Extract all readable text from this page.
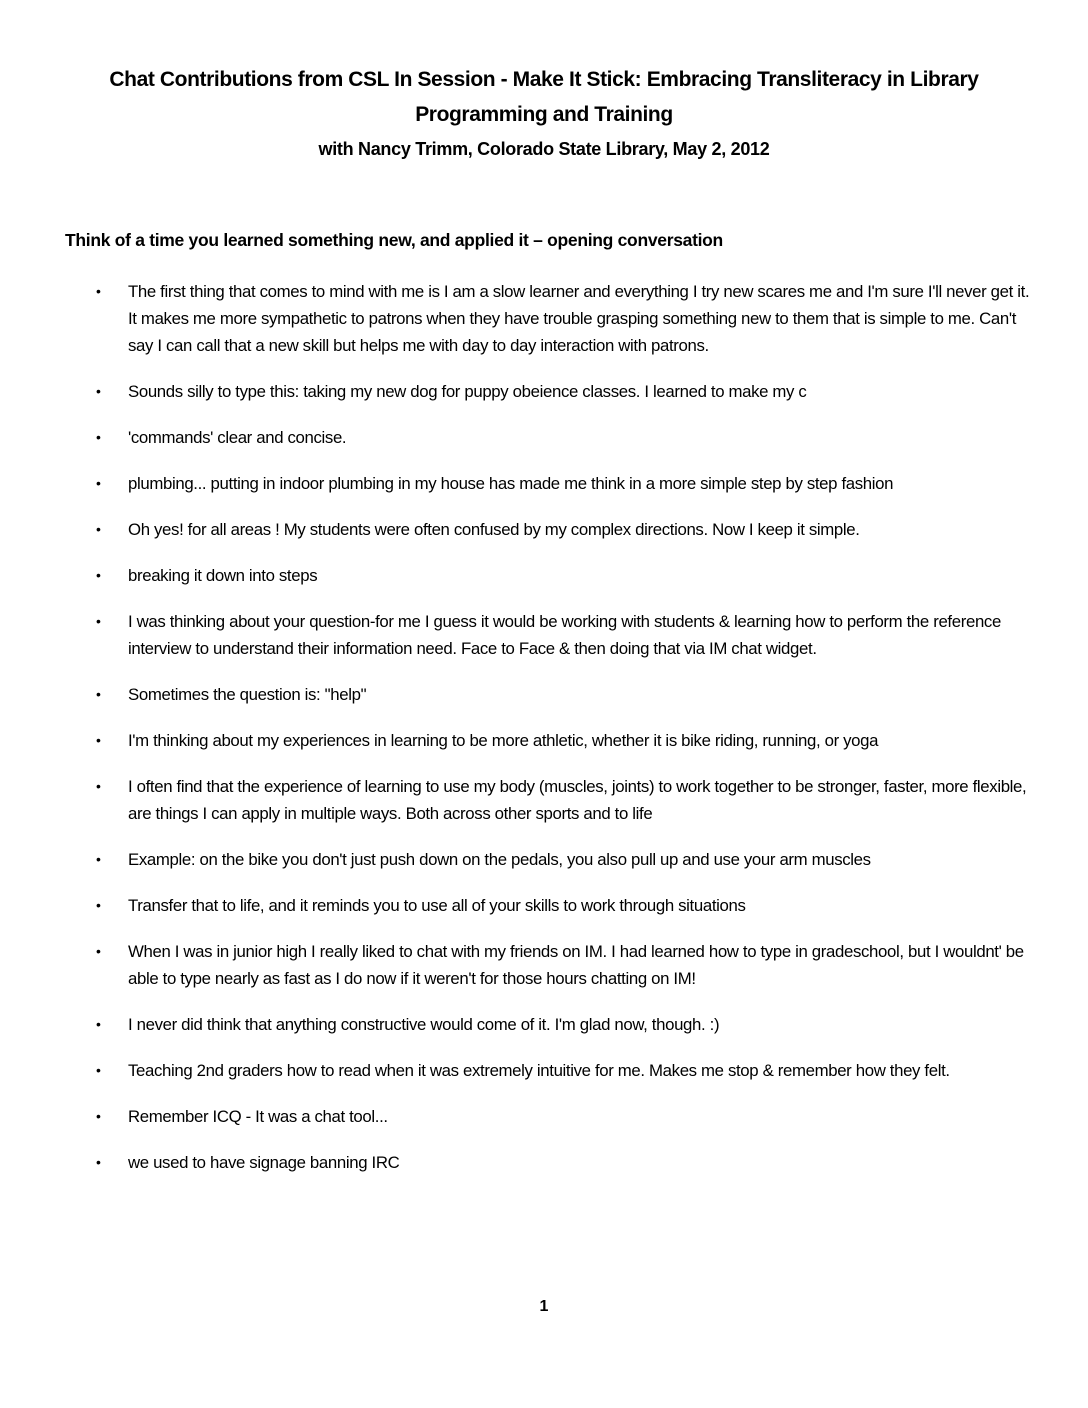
Chat Contributions from CSL In Session - Make It Stick: Embracing Transliteracy in Library
Programming and Training
with Nancy Trimm, Colorado State Library, May 2, 2012
Think of a time you learned something new, and applied it – opening conversation
• The first thing that comes to mind with me is I am a slow learner and everything I try new scares me and I'm sure I'll never get it. It makes me more sympathetic to patrons when they have trouble grasping something new to them that is simple to me. Can't say I can call that a new skill but helps me with day to day interaction with patrons.
• Sounds silly to type this: taking my new dog for puppy obeience classes. I learned to make my c
• 'commands' clear and concise.
• plumbing... putting in indoor plumbing in my house has made me think in a more simple step by step fashion
• Oh yes! for all areas ! My students were often confused by my complex directions. Now I keep it simple.
• breaking it down into steps
• I was thinking about your question-for me I guess it would be working with students & learning how to perform the reference interview to understand their information need. Face to Face & then doing that via IM chat widget.
• Sometimes the question is: "help"
• I'm thinking about my experiences in learning to be more athletic, whether it is bike riding, running, or yoga
• I often find that the experience of learning to use my body (muscles, joints) to work together to be stronger, faster, more flexible, are things I can apply in multiple ways. Both across other sports and to life
• Example: on the bike you don't just push down on the pedals, you also pull up and use your arm muscles
• Transfer that to life, and it reminds you to use all of your skills to work through situations
• When I was in junior high I really liked to chat with my friends on IM. I had learned how to type in gradeschool, but I wouldnt' be able to type nearly as fast as I do now if it weren't for those hours chatting on IM!
• I never did think that anything constructive would come of it. I'm glad now, though. :)
• Teaching 2nd graders how to read when it was extremely intuitive for me. Makes me stop & remember how they felt.
• Remember ICQ - It was a chat tool...
• we used to have signage banning IRC
1
